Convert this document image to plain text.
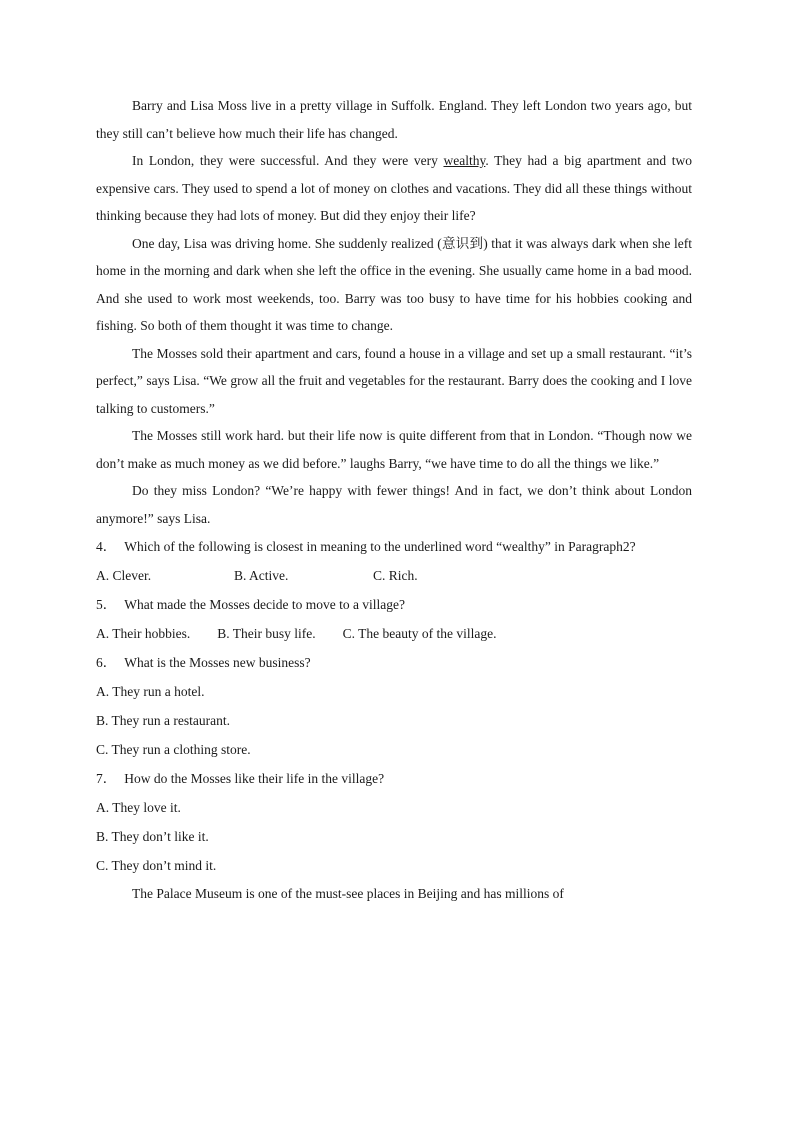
Barry and Lisa Moss live in a pretty village in Suffolk. England. They left London two years ago, but they still can’t believe how much their life has changed.

In London, they were successful. And they were very wealthy. They had a big apartment and two expensive cars. They used to spend a lot of money on clothes and vacations. They did all these things without thinking because they had lots of money. But did they enjoy their life?

One day, Lisa was driving home. She suddenly realized (意识到) that it was always dark when she left home in the morning and dark when she left the office in the evening. She usually came home in a bad mood. And she used to work most weekends, too. Barry was too busy to have time for his hobbies cooking and fishing. So both of them thought it was time to change.

The Mosses sold their apartment and cars, found a house in a village and set up a small restaurant. “it’s perfect,” says Lisa. “We grow all the fruit and vegetables for the restaurant. Barry does the cooking and I love talking to customers.”

The Mosses still work hard. but their life now is quite different from that in London. “Though now we don’t make as much money as we did before.” laughs Barry, “we have time to do all the things we like.”

Do they miss London? “We’re happy with fewer things! And in fact, we don’t think about London anymore!” says Lisa.

4． Which of the following is closest in meaning to the underlined word “wealthy” in Paragraph2?

A. Clever.	B. Active.	C. Rich.

5． What made the Mosses decide to move to a village?

A. Their hobbies. B. Their busy life. C. The beauty of the village.

6． What is the Mosses new business?

A. They run a hotel.

B. They run a restaurant.

C. They run a clothing store.

7． How do the Mosses like their life in the village?

A. They love it.

B. They don’t like it.

C. They don’t mind it.

The Palace Museum is one of the must-see places in Beijing and has millions of
